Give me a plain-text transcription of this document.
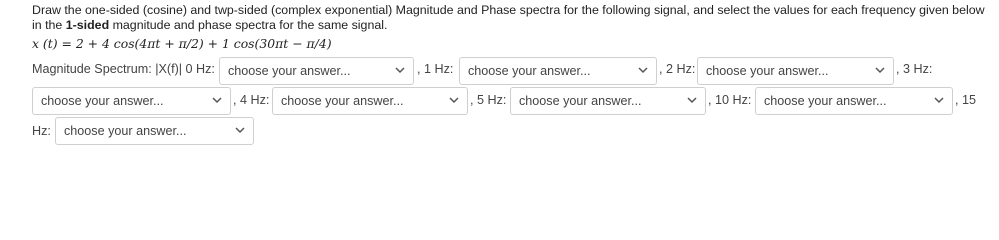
Draw the one-sided (cosine) and twp-sided (complex exponential) Magnitude and Phase spectra for the following signal, and select the values for each frequency given below
in the 1-sided magnitude and phase spectra for the same signal.
x (t) = 2 + 4 cos(4πt + π/2) + 1 cos(30πt − π/4)
Magnitude Spectrum: |X(f)| 0 Hz:	choose your answer...	, 1 Hz:	choose your answer...	, 2 Hz: choose your answer...	, 3 Hz:
choose your answer...	, 4 Hz: choose your answer...	, 5 Hz: choose your answer...	, 10 Hz: choose your answer...	, 15
Hz:	choose your answer...
